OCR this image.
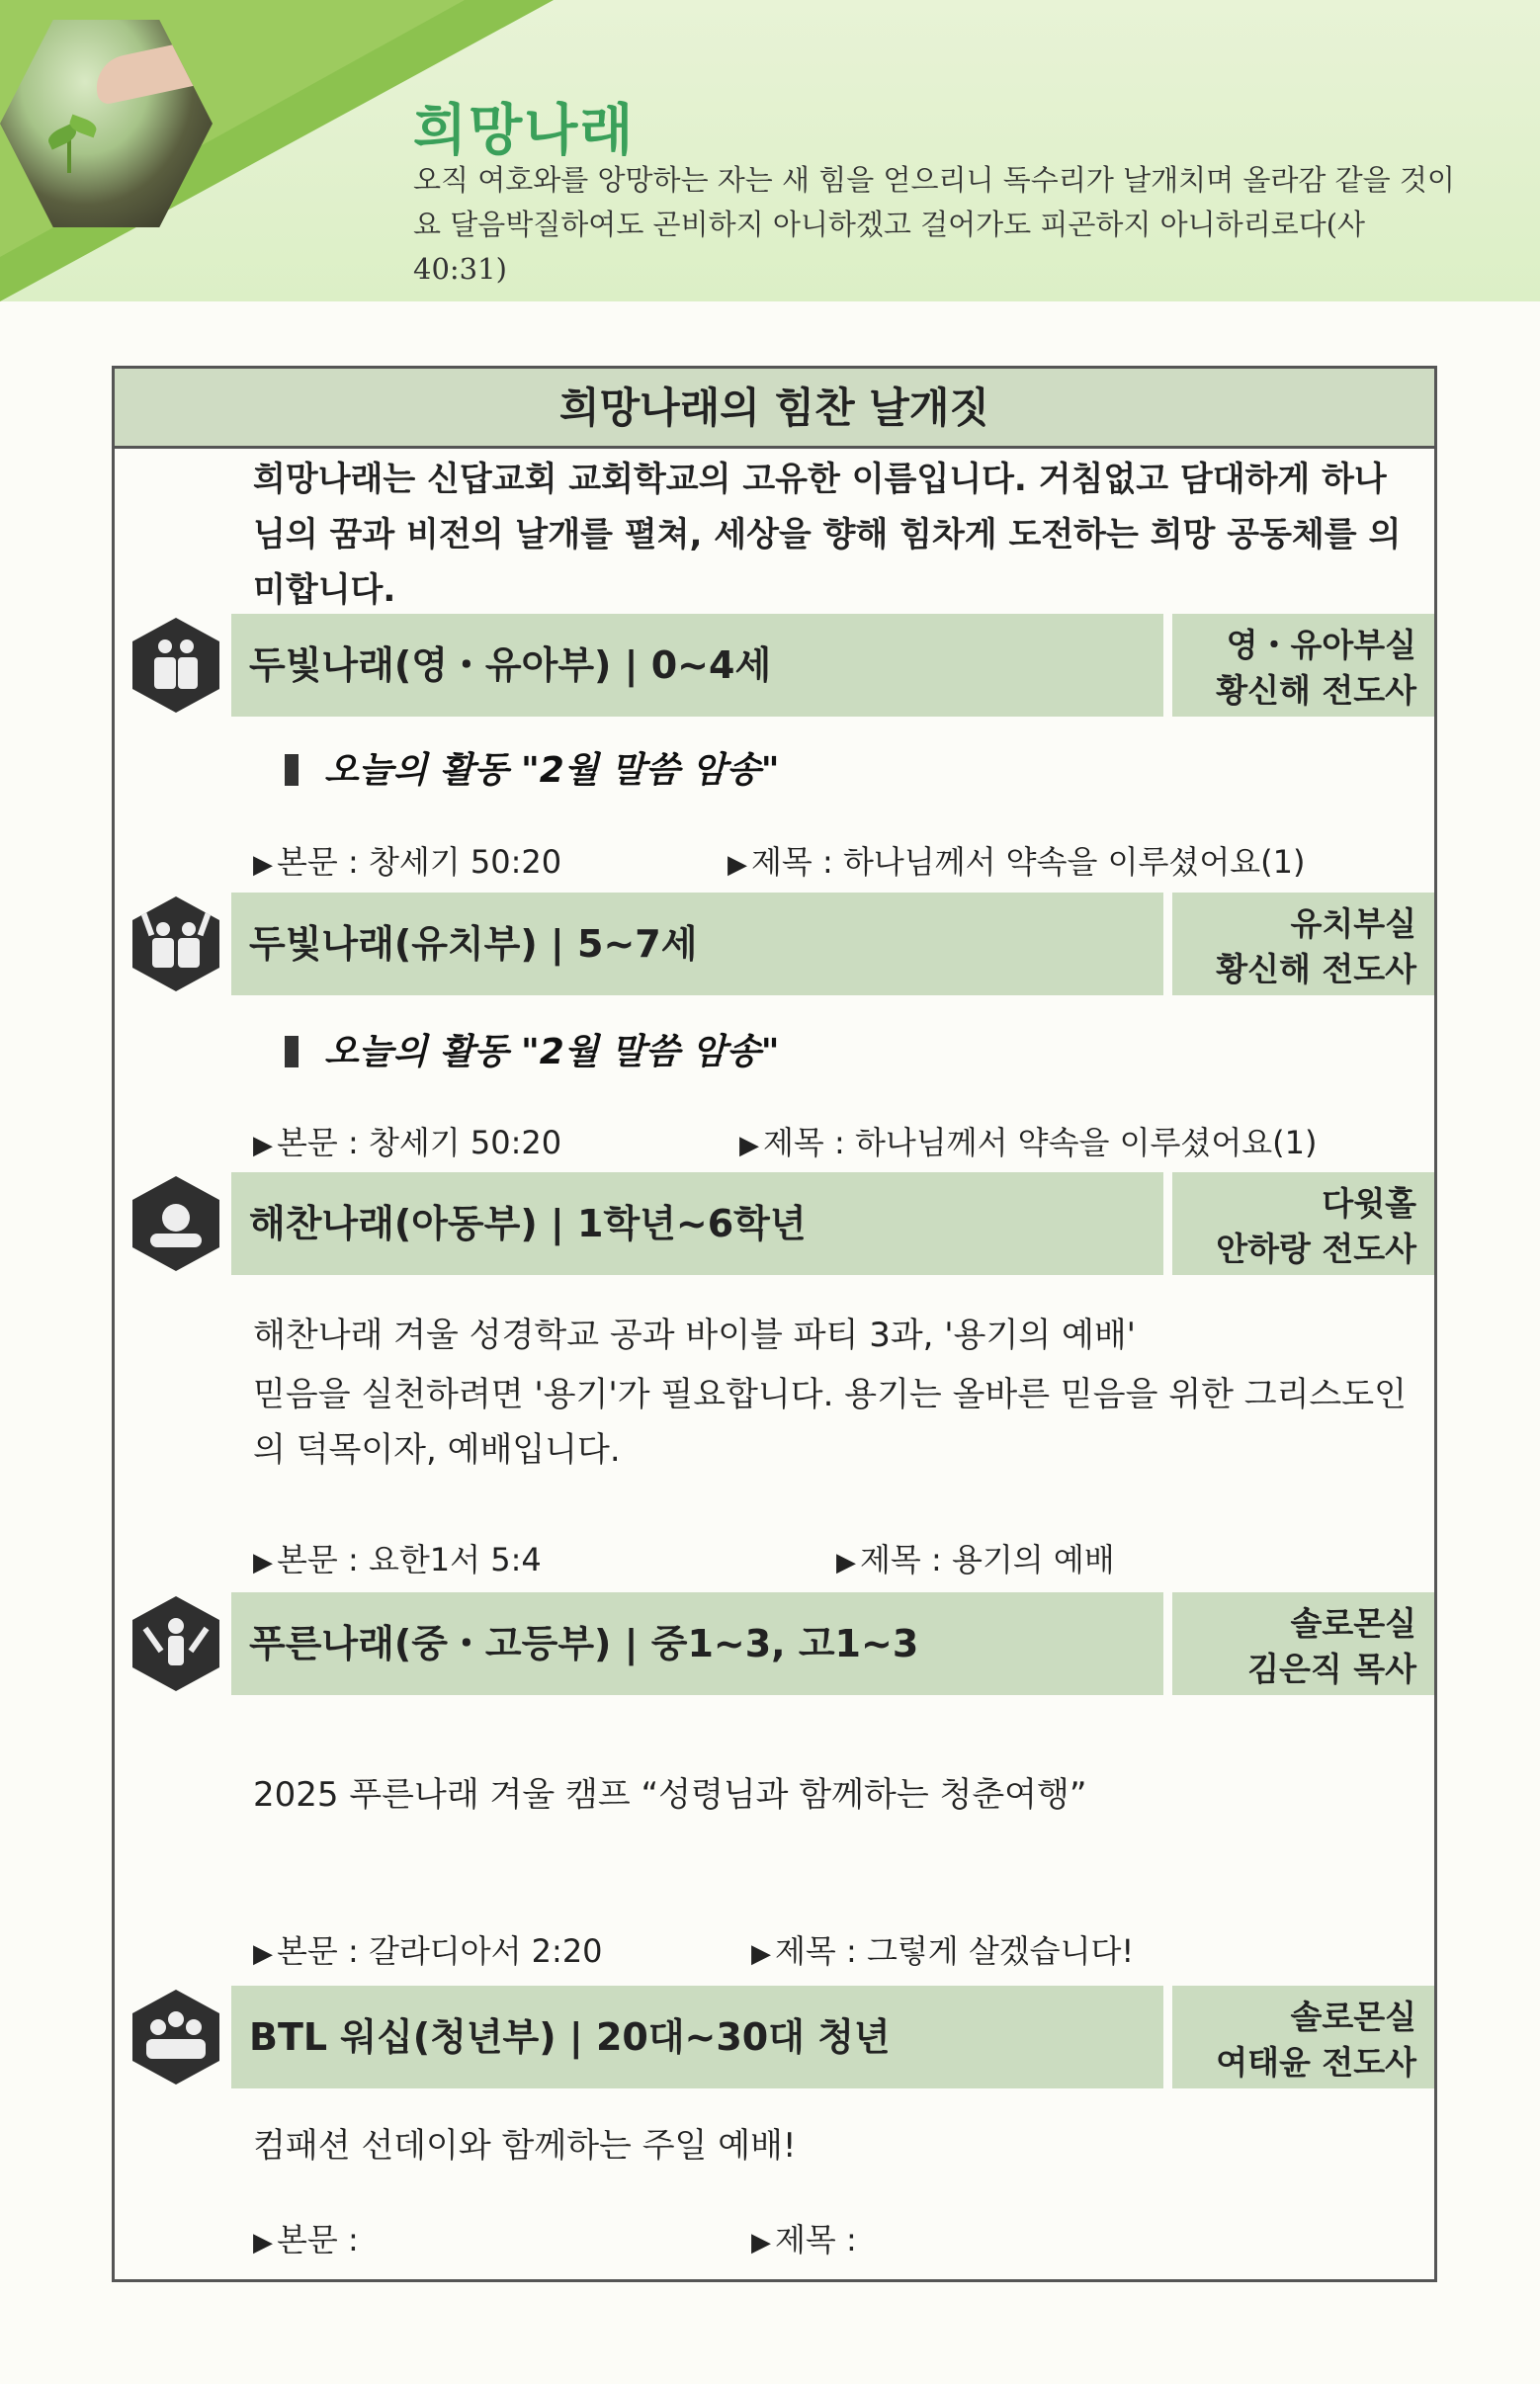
희망나래
오직 여호와를 앙망하는 자는 새 힘을 얻으리니 독수리가 날개치며 올라감 같을 것이요 달음박질하여도 곤비하지 아니하겠고 걸어가도 피곤하지 아니하리로다(사 40:31)
희망나래의 힘찬 날개짓
희망나래는 신답교회 교회학교의 고유한 이름입니다. 거침없고 담대하게 하나님의 꿈과 비전의 날개를 펼쳐, 세상을 향해 힘차게 도전하는 희망 공동체를 의미합니다.
두빛나래(영・유아부) | 0~4세	영・유아부실
황신해 전도사
오늘의 활동 "2월 말씀 암송"
▶ 본문 : 창세기 50:20	▶ 제목 : 하나님께서 약속을 이루셨어요(1)
두빛나래(유치부) | 5~7세	유치부실
황신해 전도사
오늘의 활동 "2월 말씀 암송"
▶ 본문 : 창세기 50:20	▶ 제목 : 하나님께서 약속을 이루셨어요(1)
해찬나래(아동부) | 1학년~6학년	다윗홀
안하랑 전도사
해찬나래 겨울 성경학교 공과 바이블 파티 3과, '용기의 예배'
믿음을 실천하려면 '용기'가 필요합니다. 용기는 올바른 믿음을 위한 그리스도인의 덕목이자, 예배입니다.
▶ 본문 : 요한1서 5:4	▶ 제목 : 용기의 예배
푸른나래(중・고등부) | 중1~3, 고1~3	솔로몬실
김은직 목사
2025 푸른나래 겨울 캠프 “성령님과 함께하는 청춘여행”
▶ 본문 : 갈라디아서 2:20	▶ 제목 : 그렇게 살겠습니다!
BTL 워십(청년부) | 20대~30대 청년	솔로몬실
여태윤 전도사
컴패션 선데이와 함께하는 주일 예배!
▶ 본문 :	▶ 제목 :
